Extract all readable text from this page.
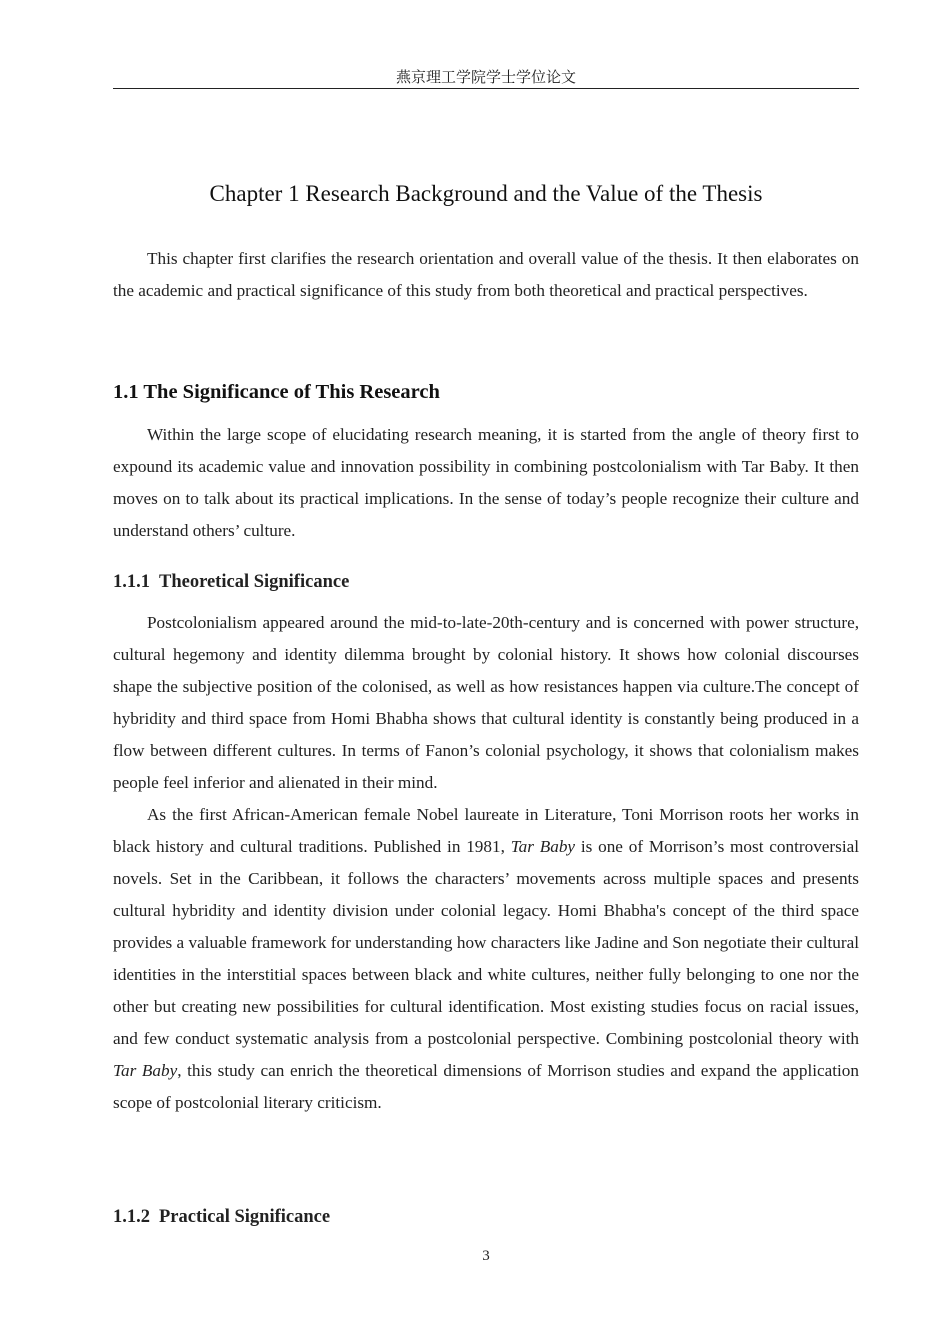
燕京理工学院学士学位论文
Chapter 1 Research Background and the Value of the Thesis

This chapter first clarifies the research orientation and overall value of the thesis. It then elaborates on the academic and practical significance of this study from both theoretical and practical perspectives.

1.1 The Significance of This Research

Within the large scope of elucidating research meaning, it is started from the angle of theory first to expound its academic value and innovation possibility in combining postcolonialism with Tar Baby. It then moves on to talk about its practical implications. In the sense of today’s people recognize their culture and understand others’ culture.

1.1.1 Theoretical Significance

Postcolonialism appeared around the mid-to-late-20th-century and is concerned with power structure, cultural hegemony and identity dilemma brought by colonial history. It shows how colonial discourses shape the subjective position of the colonised, as well as how resistances happen via culture.The concept of hybridity and third space from Homi Bhabha shows that cultural identity is constantly being produced in a flow between different cultures. In terms of Fanon’s colonial psychology, it shows that colonialism makes people feel inferior and alienated in their mind.

As the first African-American female Nobel laureate in Literature, Toni Morrison roots her works in black history and cultural traditions. Published in 1981, Tar Baby is one of Morrison’s most controversial novels. Set in the Caribbean, it follows the characters’ movements across multiple spaces and presents cultural hybridity and identity division under colonial legacy. Homi Bhabha's concept of the third space provides a valuable framework for understanding how characters like Jadine and Son negotiate their cultural identities in the interstitial spaces between black and white cultures, neither fully belonging to one nor the other but creating new possibilities for cultural identification. Most existing studies focus on racial issues, and few conduct systematic analysis from a postcolonial perspective. Combining postcolonial theory with Tar Baby, this study can enrich the theoretical dimensions of Morrison studies and expand the application scope of postcolonial literary criticism.

1.1.2 Practical Significance
3
